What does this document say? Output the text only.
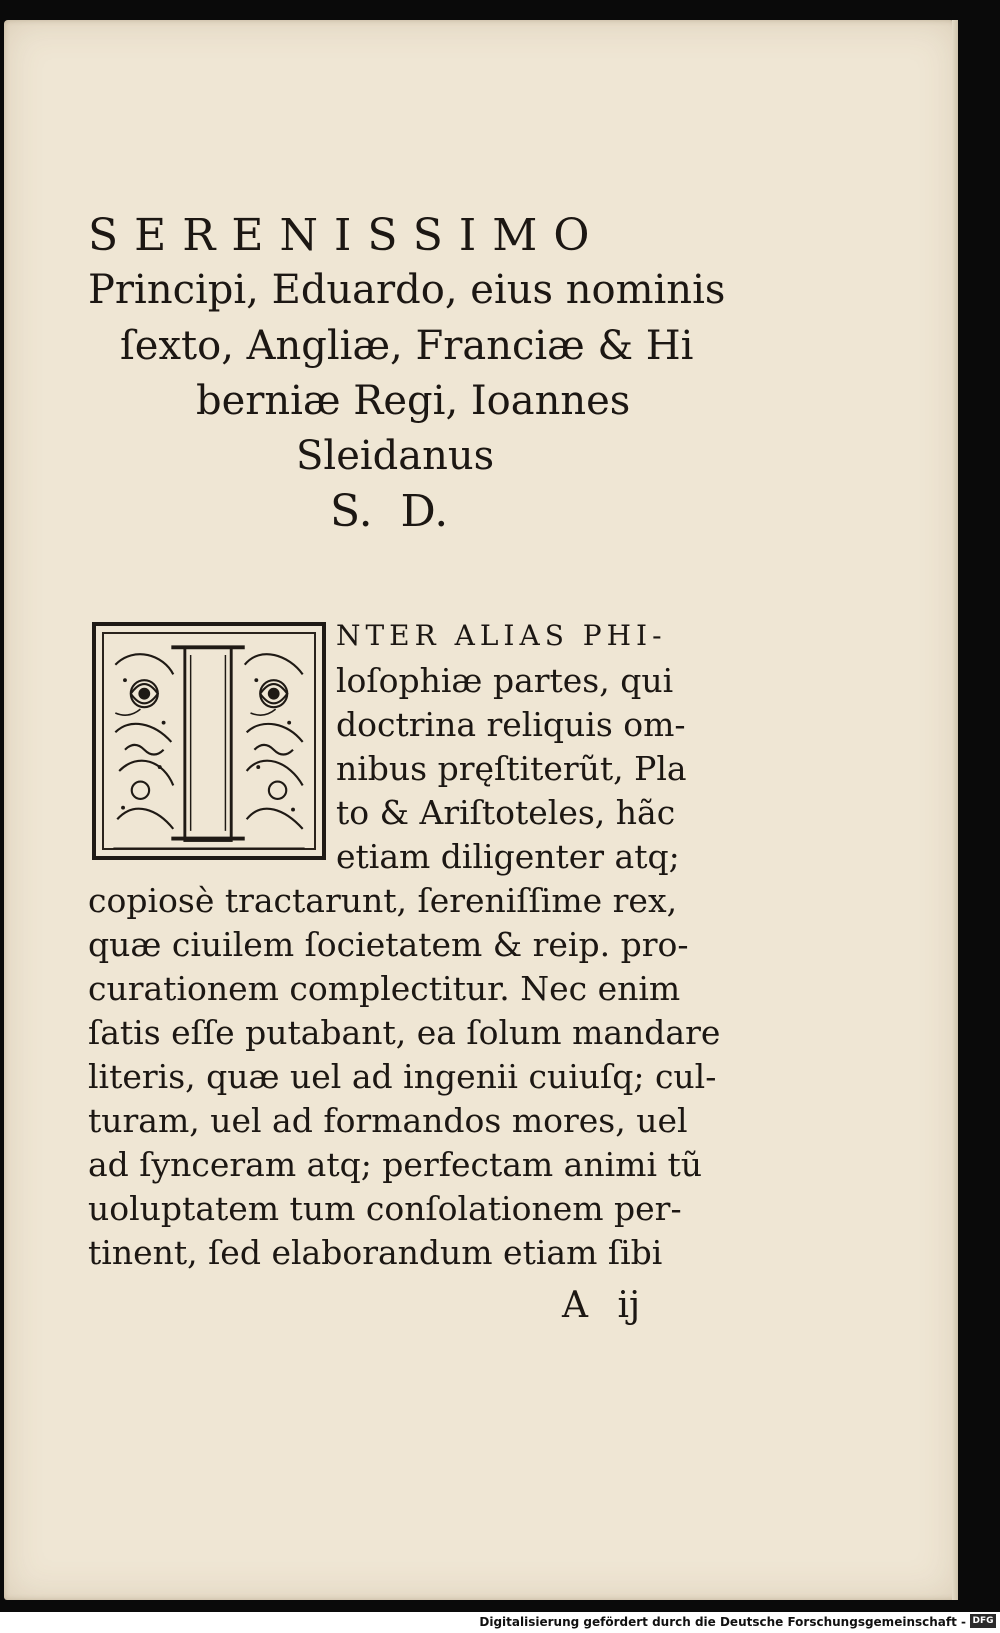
SERENISSIMO
Principi, Eduardo, eius nominis
ſexto, Angliæ, Franciæ & Hi
berniæ Regi, Ioannes
Sleidanus
S. D.
NTER ALIAS PHI-
loſophiæ partes, qui
doctrina reliquis om-
nibus pręſtiterũt, Pla
to & Ariſtoteles, hãc
etiam diligenter atq;
copiosè tractarunt, ſereniſſime rex,
quæ ciuilem ſocietatem & reip. pro-
curationem complectitur. Nec enim
ſatis eſſe putabant, ea ſolum mandare
literis, quæ uel ad ingenii cuiuſq; cul-
turam, uel ad formandos mores, uel
ad ſynceram atq; perfectam animi tũ
uoluptatem tum conſolationem per-
tinent, ſed elaborandum etiam ſibi
A ij
Digitalisierung gefördert durch die Deutsche Forschungsgemeinschaft - DFG
